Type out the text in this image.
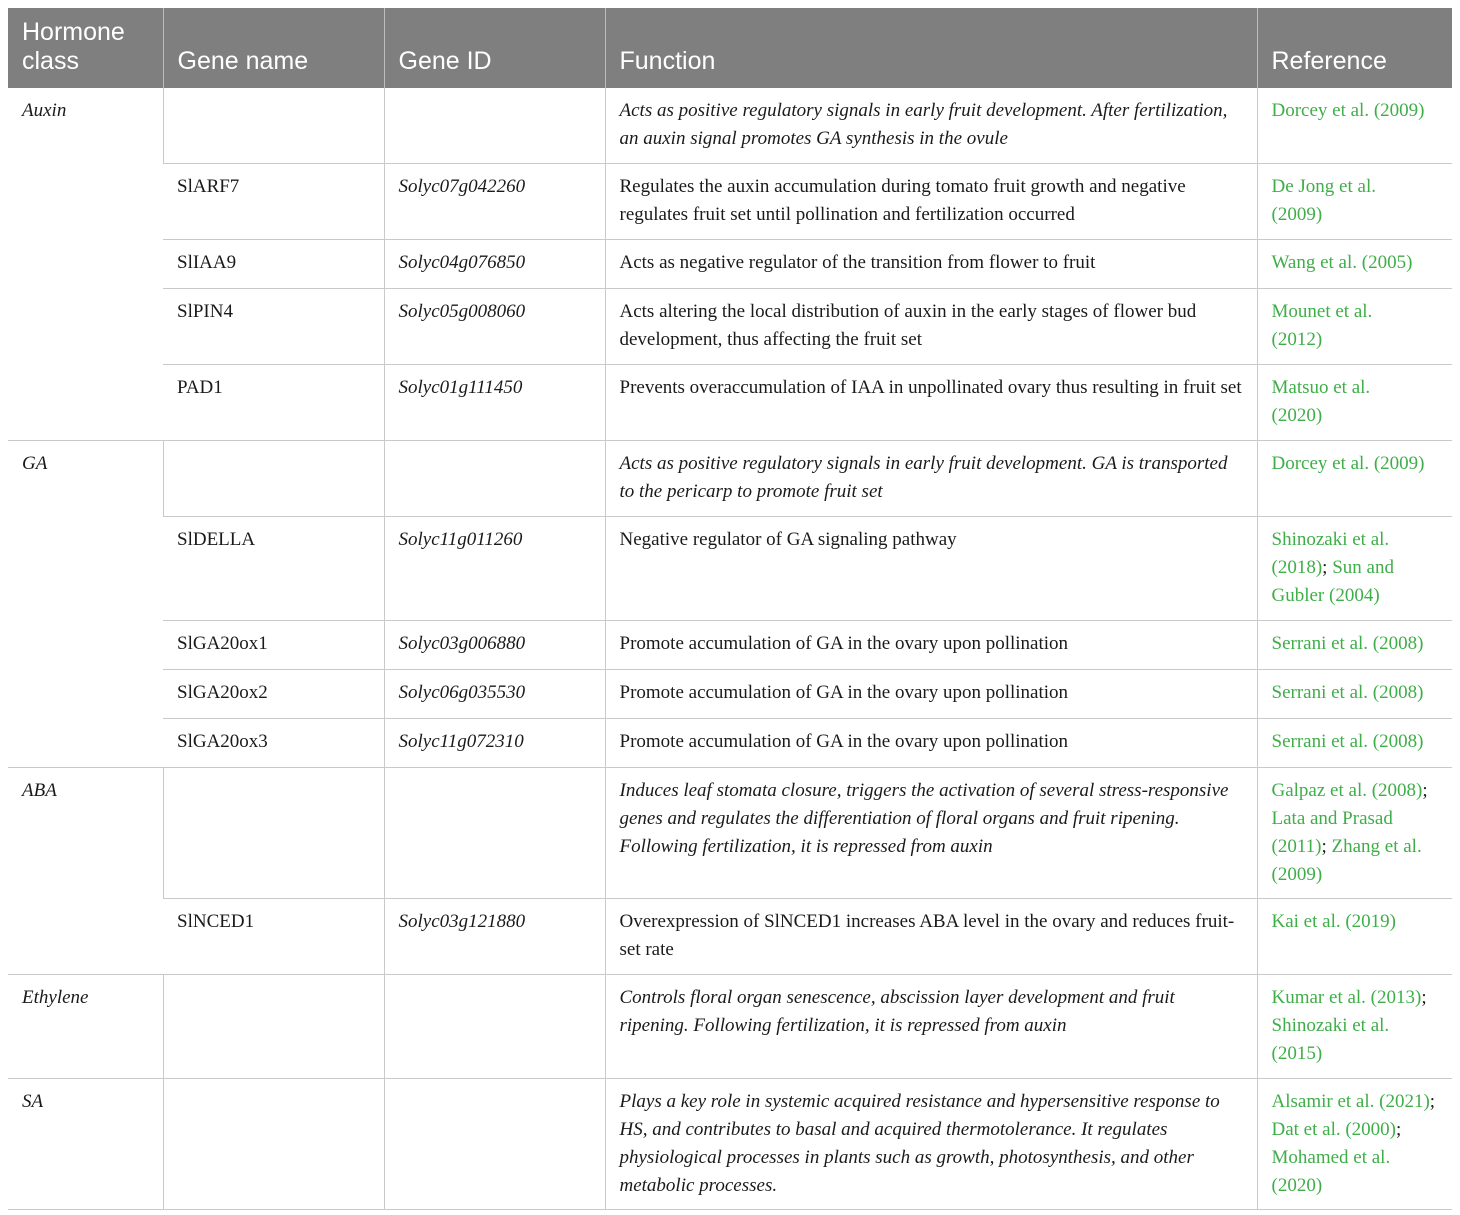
Hormone class	Gene name	Gene ID	Function	Reference

Auxin			Acts as positive regulatory signals in early fruit development. After fertilization, an auxin signal promotes GA synthesis in the ovule	Dorcey et al. (2009)

	SlARF7	Solyc07g042260	Regulates the auxin accumulation during tomato fruit growth and negative regulates fruit set until pollination and fertilization occurred	De Jong et al. (2009)

	SlIAA9	Solyc04g076850	Acts as negative regulator of the transition from flower to fruit	Wang et al. (2005)

	SlPIN4	Solyc05g008060	Acts altering the local distribution of auxin in the early stages of flower bud development, thus affecting the fruit set	Mounet et al. (2012)

	PAD1	Solyc01g111450	Prevents overaccumulation of IAA in unpollinated ovary thus resulting in fruit set	Matsuo et al. (2020)

GA			Acts as positive regulatory signals in early fruit development. GA is transported to the pericarp to promote fruit set	Dorcey et al. (2009)

	SlDELLA	Solyc11g011260	Negative regulator of GA signaling pathway	Shinozaki et al. (2018); Sun and Gubler (2004)

	SlGA20ox1	Solyc03g006880	Promote accumulation of GA in the ovary upon pollination	Serrani et al. (2008)

	SlGA20ox2	Solyc06g035530	Promote accumulation of GA in the ovary upon pollination	Serrani et al. (2008)

	SlGA20ox3	Solyc11g072310	Promote accumulation of GA in the ovary upon pollination	Serrani et al. (2008)

ABA			Induces leaf stomata closure, triggers the activation of several stress-responsive genes and regulates the differentiation of floral organs and fruit ripening. Following fertilization, it is repressed from auxin	Galpaz et al. (2008); Lata and Prasad (2011); Zhang et al. (2009)

	SlNCED1	Solyc03g121880	Overexpression of SlNCED1 increases ABA level in the ovary and reduces fruit-set rate	Kai et al. (2019)

Ethylene			Controls floral organ senescence, abscission layer development and fruit ripening. Following fertilization, it is repressed from auxin	Kumar et al. (2013); Shinozaki et al. (2015)

SA			Plays a key role in systemic acquired resistance and hypersensitive response to HS, and contributes to basal and acquired thermotolerance. It regulates physiological processes in plants such as growth, photosynthesis, and other metabolic processes.	Alsamir et al. (2021); Dat et al. (2000); Mohamed et al. (2020)
